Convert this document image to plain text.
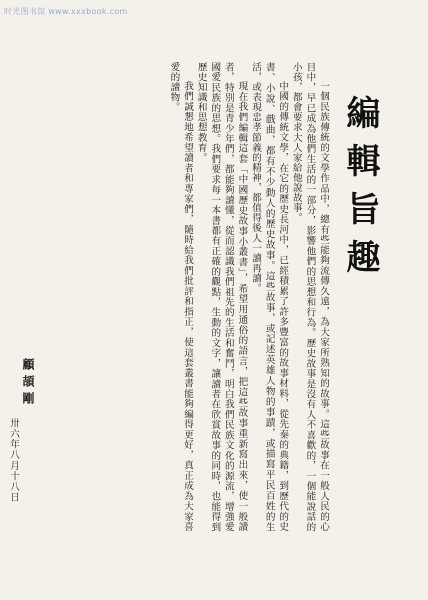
时光图书馆 www.xxxbook.com
編輯旨趣

一個民族傳統的文學作品中，總有些能夠流傳久遠，為大家所熟知的故事。這些故事在一般人民的心目中，早已成為他們生活的一部分，影響他們的思想和行為。歷史故事是沒有人不喜歡的，一個能說話的小孩，都會要求大人家給他說故事。

中國的傳統文學，在它的歷史長河中，已經積累了許多豐富的故事材料，從先秦的典籍，到歷代的史書、小說、戲曲，都有不少動人的歷史故事。這些故事，或記述英雄人物的事蹟，或描寫平民百姓的生活，或表現忠孝節義的精神，都值得後人一讀再讀。

現在我們編輯這套「中國歷史故事小叢書」，希望用通俗的語言，把這些故事重新寫出來，使一般讀者，特別是青少年們，都能夠讀懂，從而認識我們祖先的生活和奮鬥，明白我們民族文化的源流，增強愛國愛民族的思想。我們要求每一本書都有正確的觀點，生動的文字，讓讀者在欣賞故事的同時，也能得到歷史知識和思想教育。

我們誠懇地希望讀者和專家們，隨時給我們批評和指正，使這套叢書能夠編得更好，真正成為大家喜愛的讀物。

顧頡剛
卅六年八月十八日
